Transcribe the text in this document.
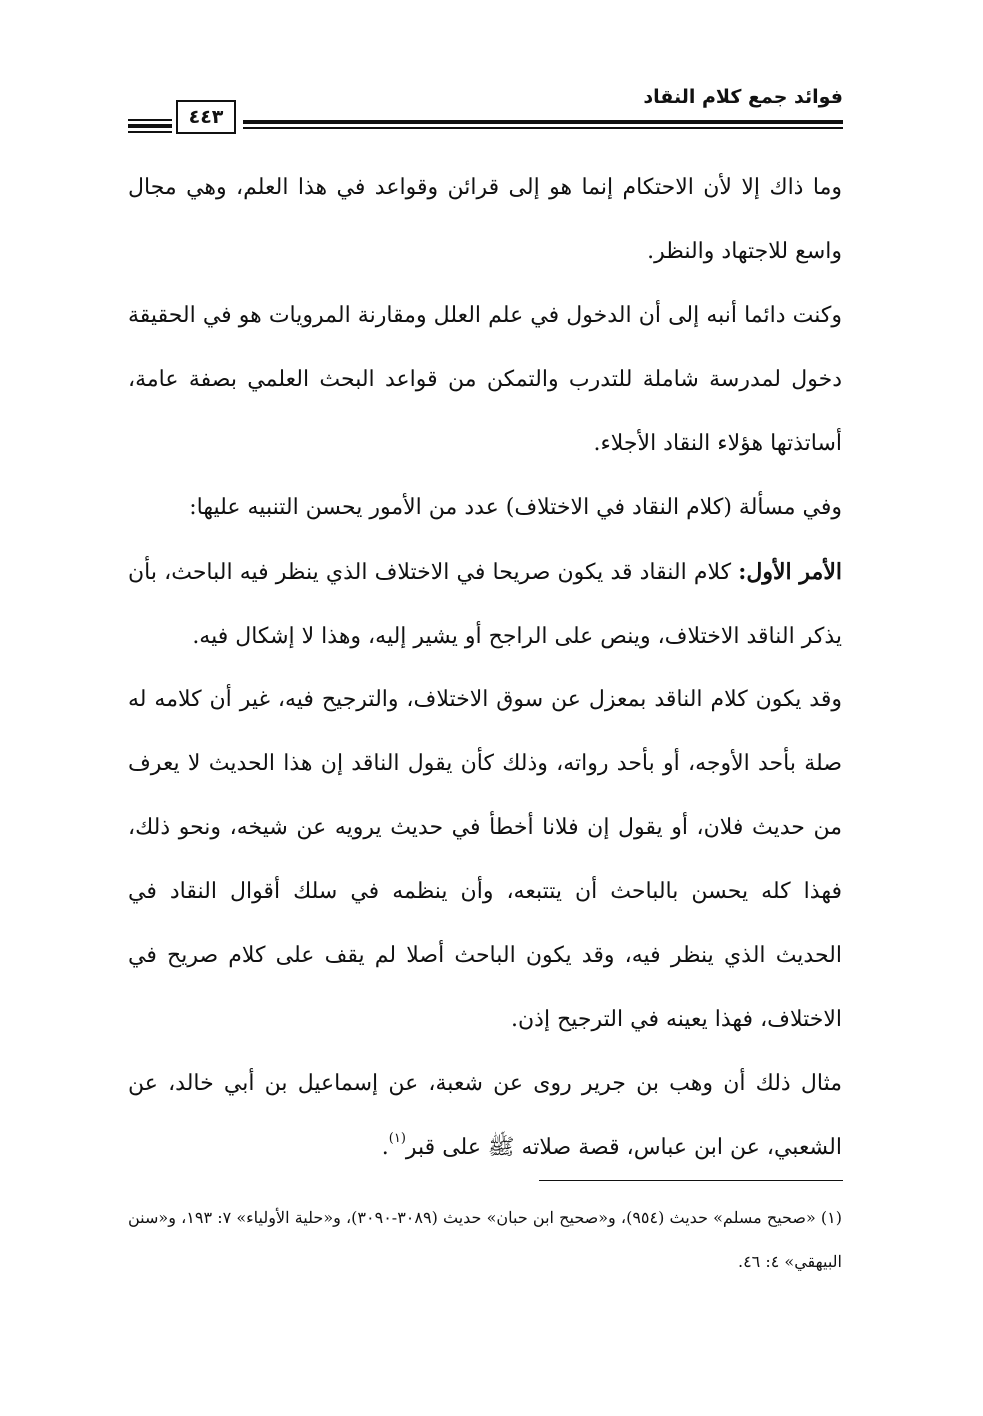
فوائد جمع كلام النقاد
٤٤٣

وما ذاك إلا لأن الاحتكام إنما هو إلى قرائن وقواعد في هذا العلم، وهي مجال واسع للاجتهاد والنظر.

وكنت دائما أنبه إلى أن الدخول في علم العلل ومقارنة المرويات هو في الحقيقة دخول لمدرسة شاملة للتدرب والتمكن من قواعد البحث العلمي بصفة عامة، أساتذتها هؤلاء النقاد الأجلاء.

وفي مسألة (كلام النقاد في الاختلاف) عدد من الأمور يحسن التنبيه عليها:

الأمر الأول: كلام النقاد قد يكون صريحا في الاختلاف الذي ينظر فيه الباحث، بأن يذكر الناقد الاختلاف، وينص على الراجح أو يشير إليه، وهذا لا إشكال فيه.

وقد يكون كلام الناقد بمعزل عن سوق الاختلاف، والترجيح فيه، غير أن كلامه له صلة بأحد الأوجه، أو بأحد رواته، وذلك كأن يقول الناقد إن هذا الحديث لا يعرف من حديث فلان، أو يقول إن فلانا أخطأ في حديث يرويه عن شيخه، ونحو ذلك، فهذا كله يحسن بالباحث أن يتتبعه، وأن ينظمه في سلك أقوال النقاد في الحديث الذي ينظر فيه، وقد يكون الباحث أصلا لم يقف على كلام صريح في الاختلاف، فهذا يعينه في الترجيح إذن.

مثال ذلك أن وهب بن جرير روى عن شعبة، عن إسماعيل بن أبي خالد، عن الشعبي، عن ابن عباس، قصة صلاته ﷺ على قبر$^{(١)}$.

(١) «صحيح مسلم» حديث (٩٥٤)، و«صحيح ابن حبان» حديث (٣٠٨٩-٣٠٩٠)، و«حلية الأولياء» ٧: ١٩٣، و«سنن البيهقي» ٤: ٤٦.
